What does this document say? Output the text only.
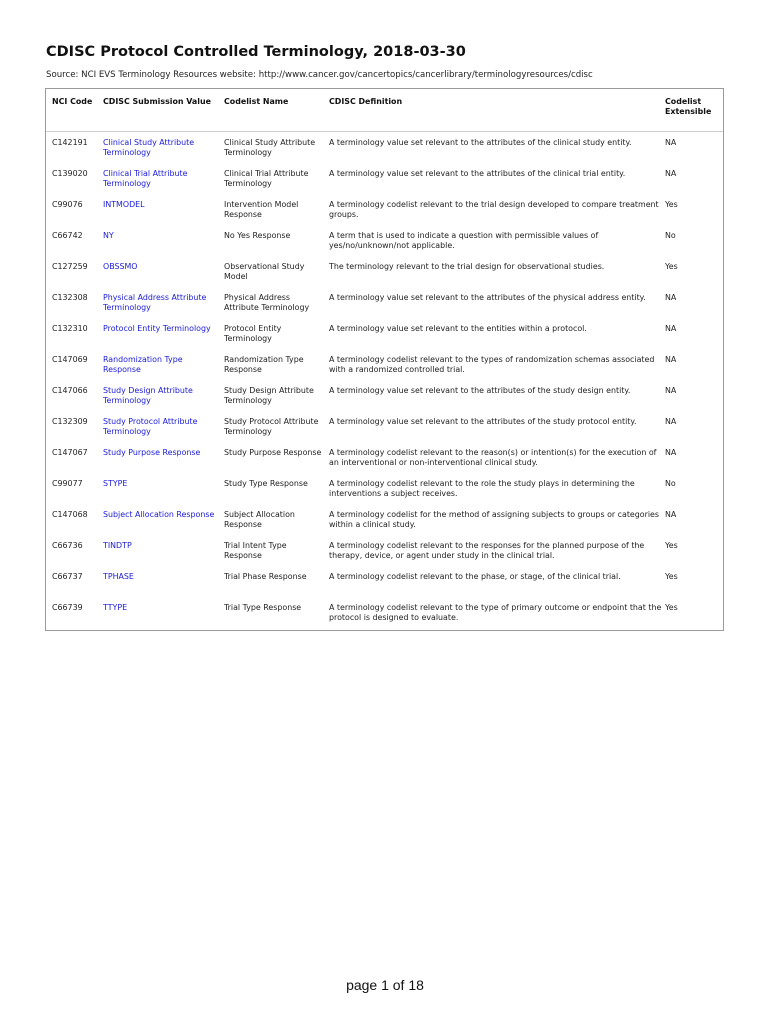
CDISC Protocol Controlled Terminology, 2018-03-30
Source: NCI EVS Terminology Resources website: http://www.cancer.gov/cancertopics/cancerlibrary/terminologyresources/cdisc
NCI Code	CDISC Submission Value	Codelist Name	CDISC Definition	Codelist Extensible
C142191	Clinical Study Attribute Terminology	Clinical Study Attribute Terminology	A terminology value set relevant to the attributes of the clinical study entity.	NA
C139020	Clinical Trial Attribute Terminology	Clinical Trial Attribute Terminology	A terminology value set relevant to the attributes of the clinical trial entity.	NA
C99076	INTMODEL	Intervention Model Response	A terminology codelist relevant to the trial design developed to compare treatment groups.	Yes
C66742	NY	No Yes Response	A term that is used to indicate a question with permissible values of yes/no/unknown/not applicable.	No
C127259	OBSSMO	Observational Study Model	The terminology relevant to the trial design for observational studies.	Yes
C132308	Physical Address Attribute Terminology	Physical Address Attribute Terminology	A terminology value set relevant to the attributes of the physical address entity.	NA
C132310	Protocol Entity Terminology	Protocol Entity Terminology	A terminology value set relevant to the entities within a protocol.	NA
C147069	Randomization Type Response	Randomization Type Response	A terminology codelist relevant to the types of randomization schemas associated with a randomized controlled trial.	NA
C147066	Study Design Attribute Terminology	Study Design Attribute Terminology	A terminology value set relevant to the attributes of the study design entity.	NA
C132309	Study Protocol Attribute Terminology	Study Protocol Attribute Terminology	A terminology value set relevant to the attributes of the study protocol entity.	NA
C147067	Study Purpose Response	Study Purpose Response	A terminology codelist relevant to the reason(s) or intention(s) for the execution of an interventional or non-interventional clinical study.	NA
C99077	STYPE	Study Type Response	A terminology codelist relevant to the role the study plays in determining the interventions a subject receives.	No
C147068	Subject Allocation Response	Subject Allocation Response	A terminology codelist for the method of assigning subjects to groups or categories within a clinical study.	NA
C66736	TINDTP	Trial Intent Type Response	A terminology codelist relevant to the responses for the planned purpose of the therapy, device, or agent under study in the clinical trial.	Yes
C66737	TPHASE	Trial Phase Response	A terminology codelist relevant to the phase, or stage, of the clinical trial.	Yes
C66739	TTYPE	Trial Type Response	A terminology codelist relevant to the type of primary outcome or endpoint that the protocol is designed to evaluate.	Yes
page 1 of 18
